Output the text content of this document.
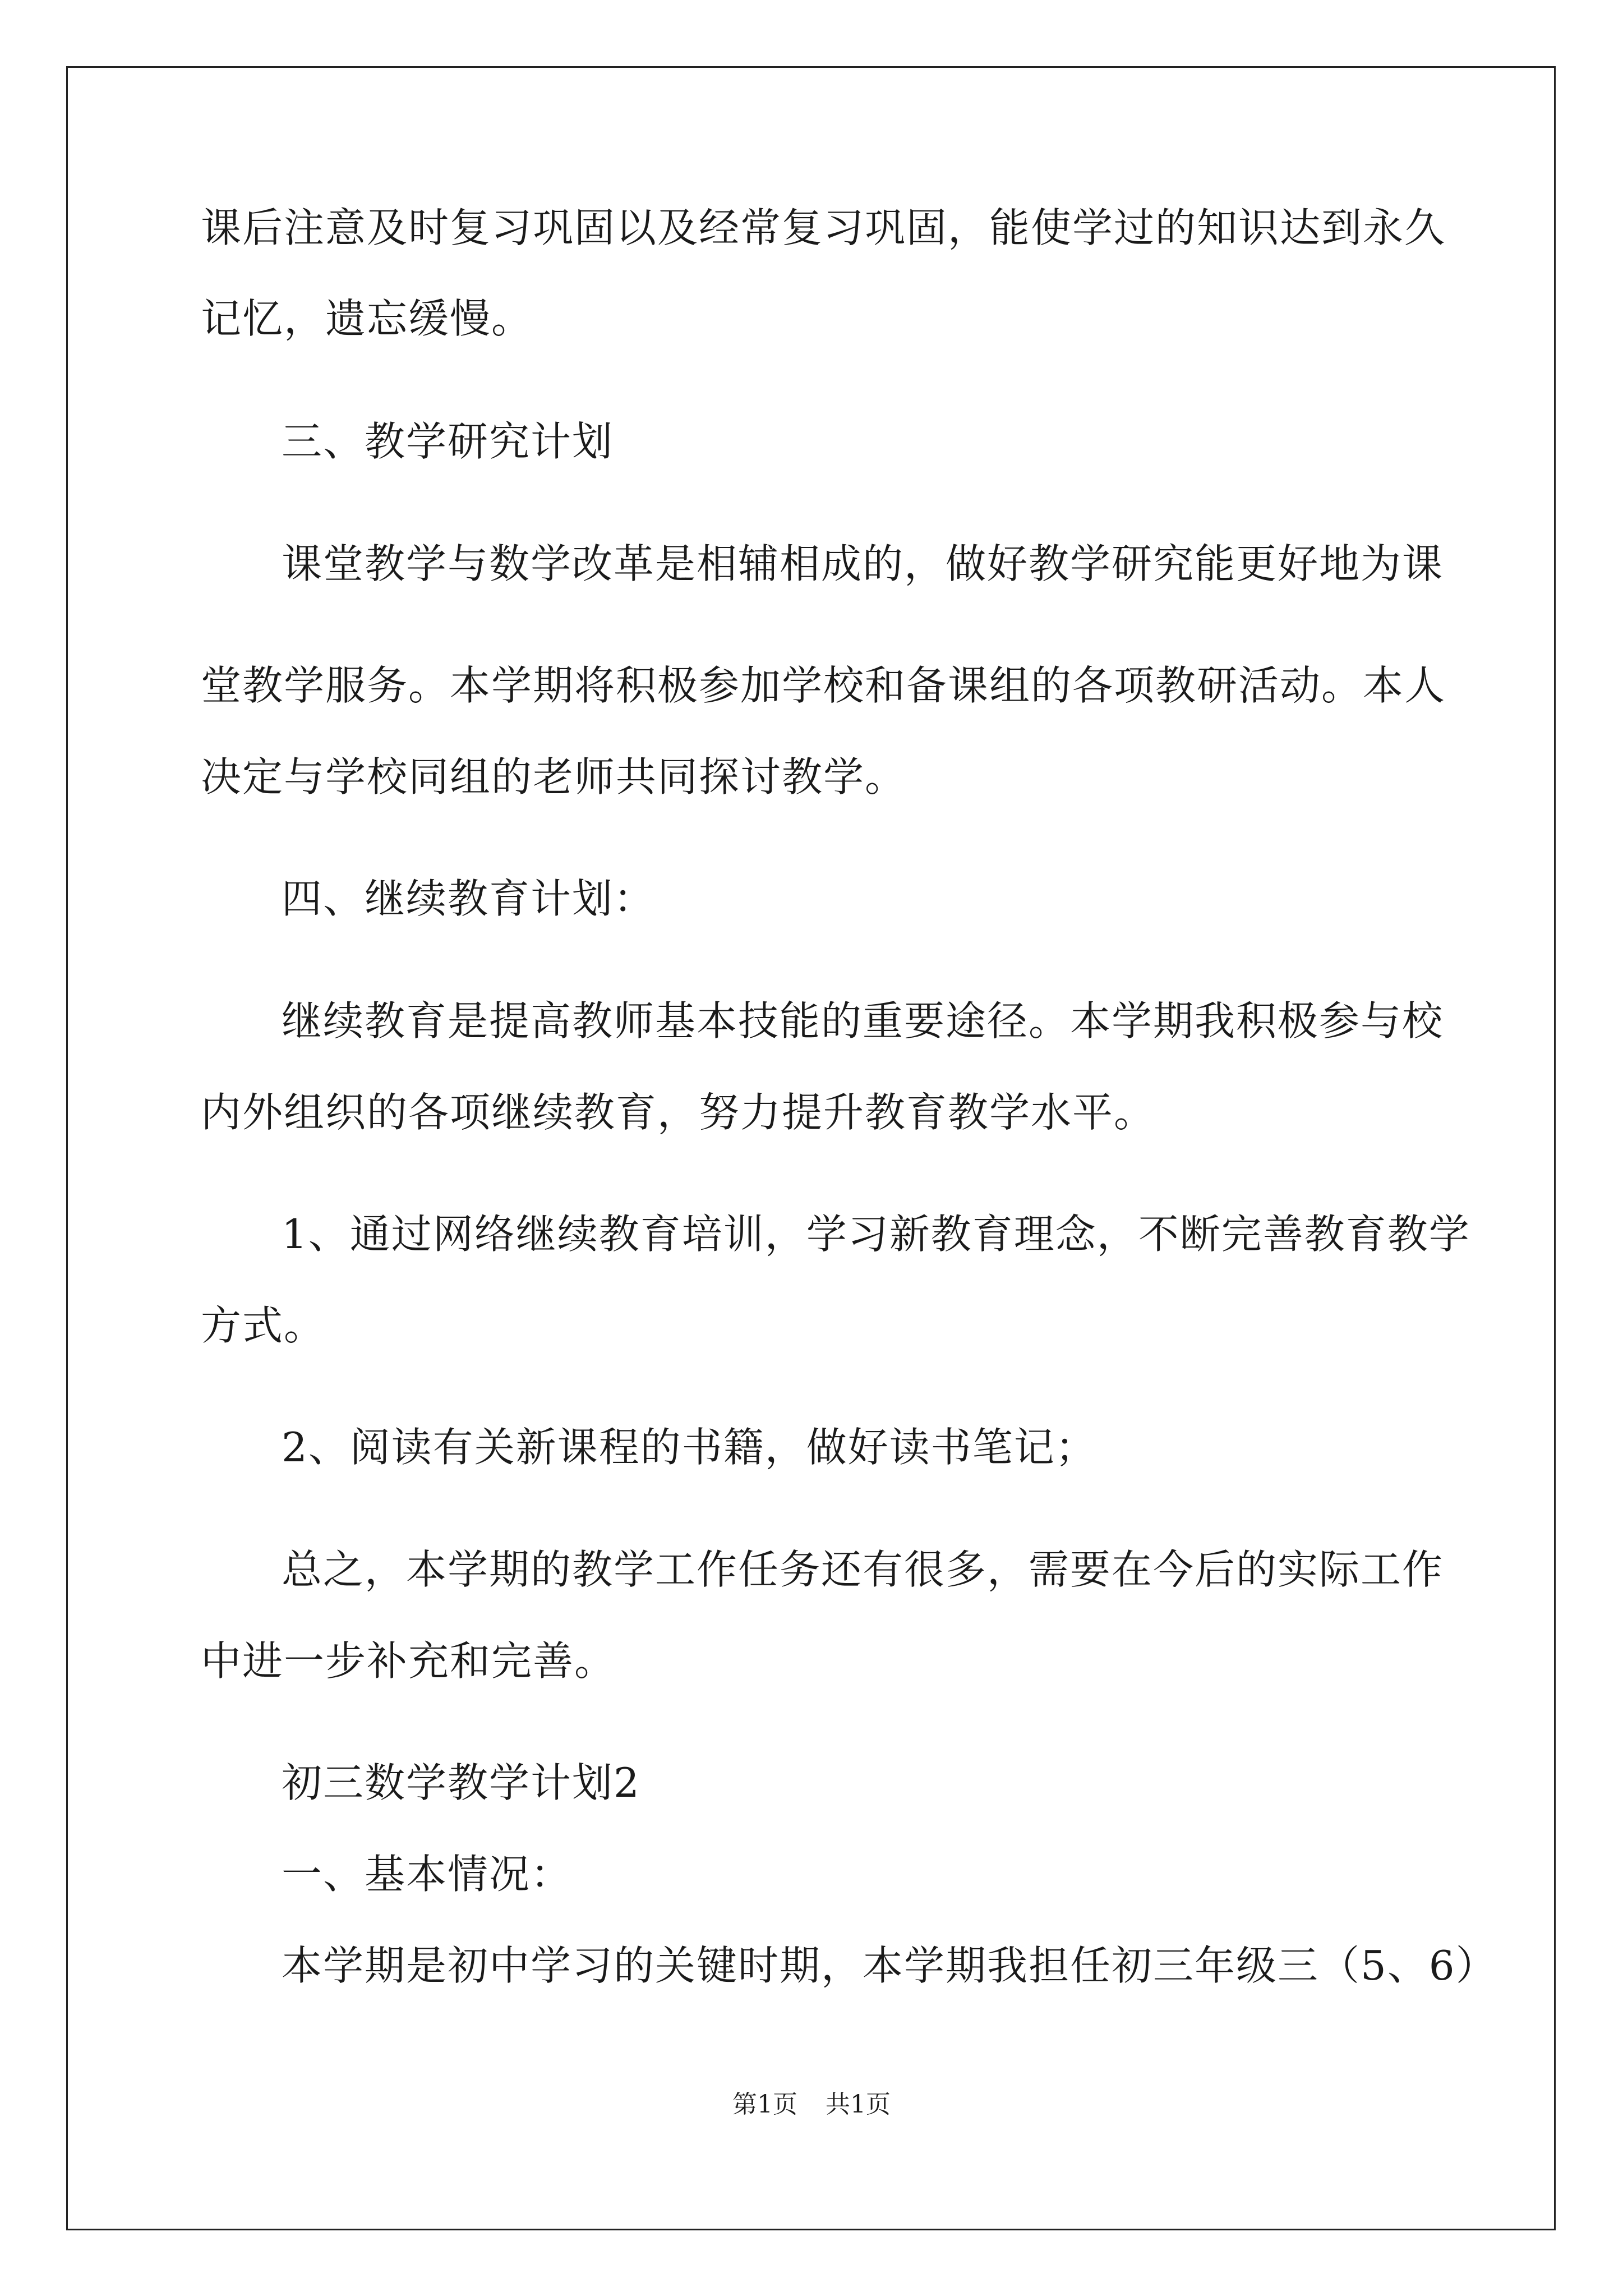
课后注意及时复习巩固以及经常复习巩固，能使学过的知识达到永久
记忆，遗忘缓慢。
三、教学研究计划
课堂教学与数学改革是相辅相成的，做好教学研究能更好地为课
堂教学服务。本学期将积极参加学校和备课组的各项教研活动。本人
决定与学校同组的老师共同探讨教学。
四、继续教育计划：
继续教育是提高教师基本技能的重要途径。本学期我积极参与校
内外组织的各项继续教育，努力提升教育教学水平。
1、通过网络继续教育培训，学习新教育理念，不断完善教育教学
方式。
2、阅读有关新课程的书籍，做好读书笔记；
总之，本学期的教学工作任务还有很多，需要在今后的实际工作
中进一步补充和完善。
初三数学教学计划2
一、基本情况：
本学期是初中学习的关键时期，本学期我担任初三年级三（5、6）
第1页 共1页
